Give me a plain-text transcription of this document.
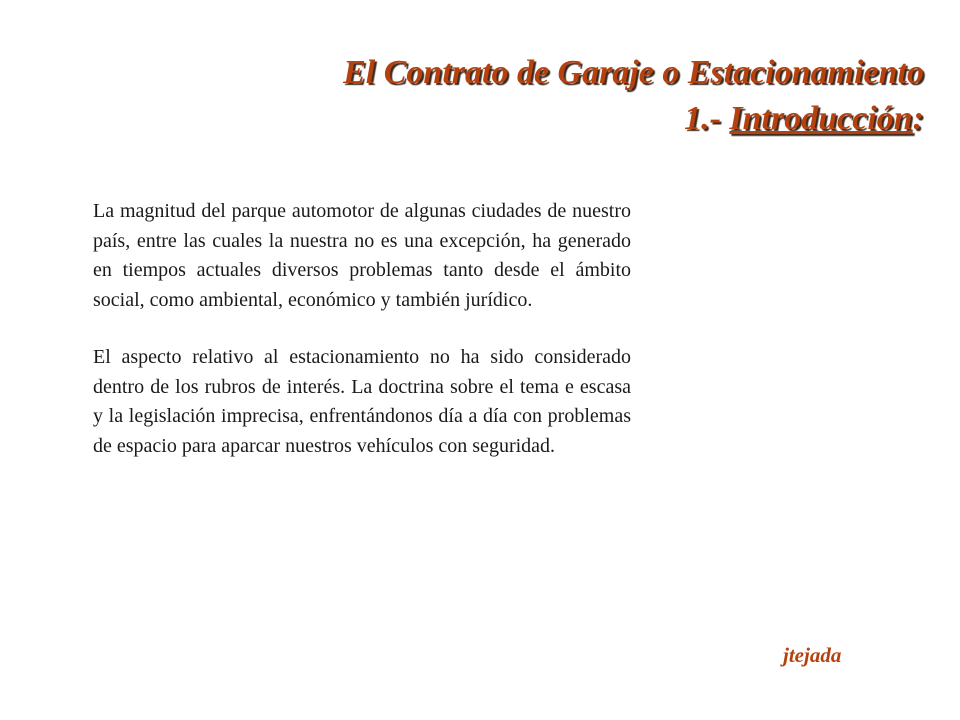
El Contrato de Garaje o Estacionamiento
1.- Introducción:

La magnitud del parque automotor de algunas ciudades de nuestro país, entre las cuales la nuestra no es una excepción, ha generado en tiempos actuales diversos problemas tanto desde el ámbito social, como ambiental, económico y también jurídico.

El aspecto relativo al estacionamiento no ha sido considerado dentro de los rubros de interés. La doctrina sobre el tema e escasa y la legislación imprecisa, enfrentándonos día a día con problemas de espacio para aparcar nuestros vehículos con seguridad.

jtejada
